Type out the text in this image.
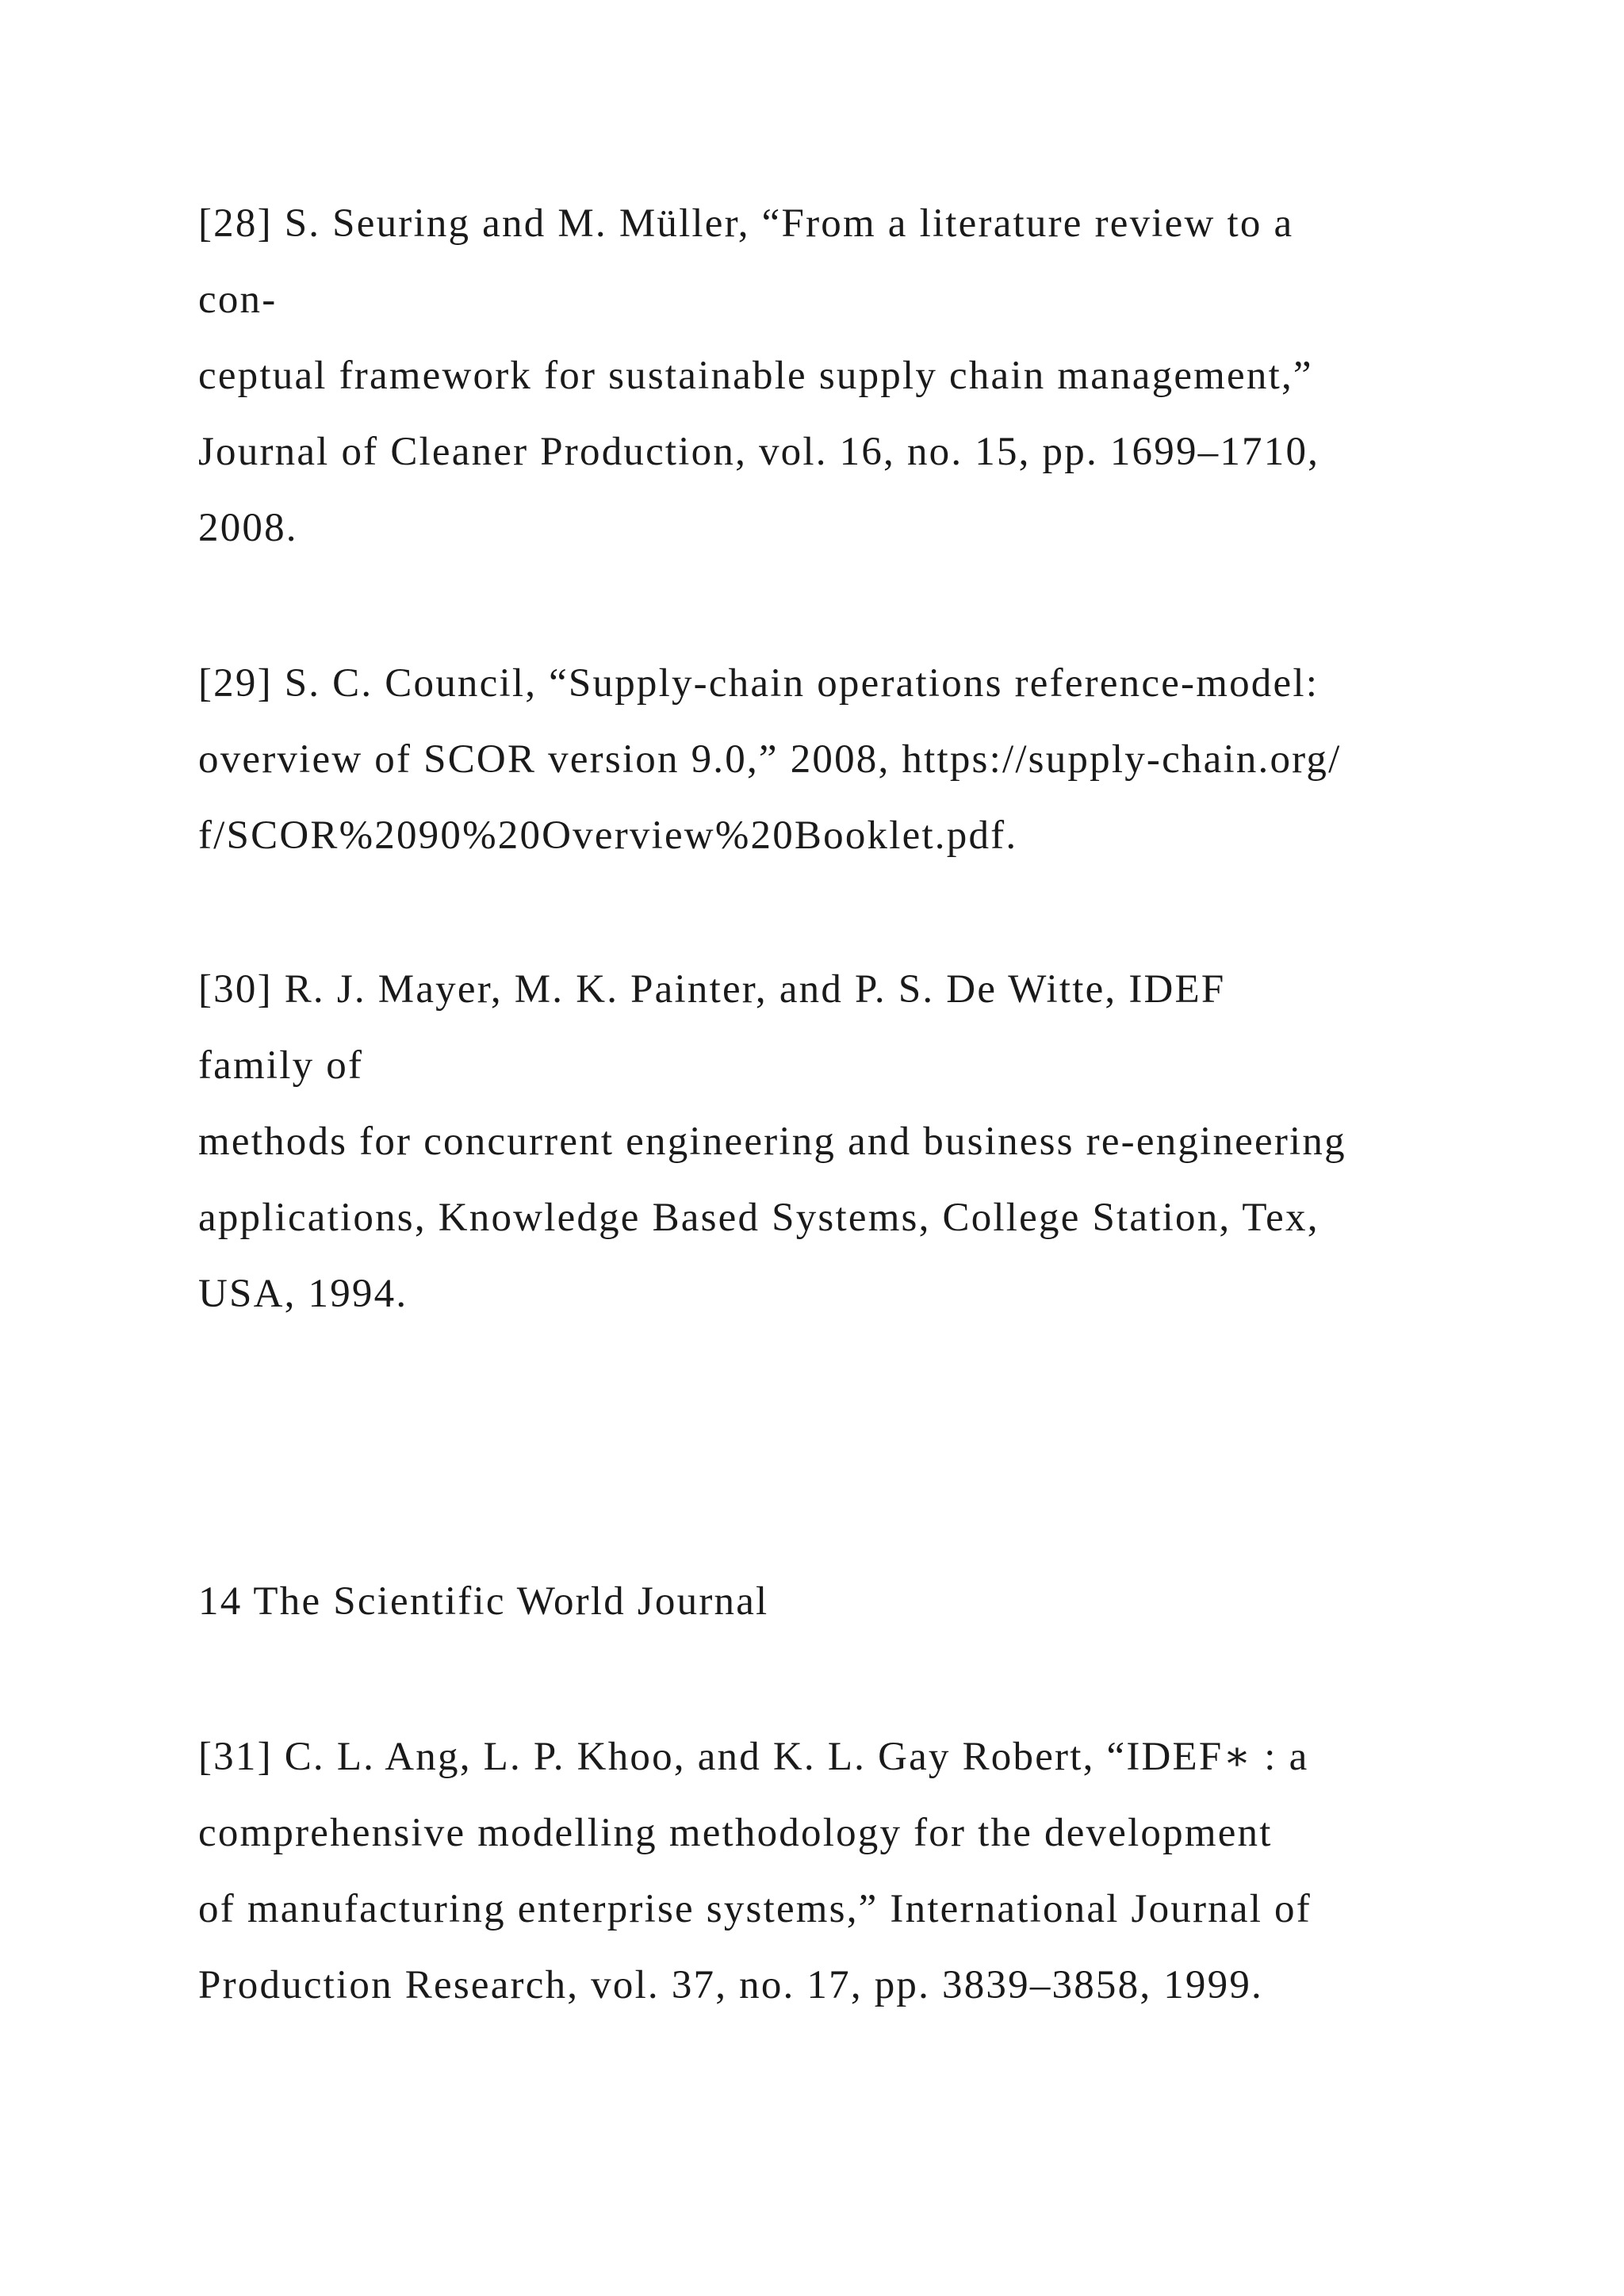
[28] S. Seuring and M. Müller, “From a literature review to a
con-
ceptual framework for sustainable supply chain management,”
Journal of Cleaner Production, vol. 16, no. 15, pp. 1699–1710,
2008.
[29] S. C. Council, “Supply-chain operations reference-model:
overview of SCOR version 9.0,” 2008, https://supply-chain.org/
f/SCOR%2090%20Overview%20Booklet.pdf.
[30] R. J. Mayer, M. K. Painter, and P. S. De Witte, IDEF
family of
methods for concurrent engineering and business re-engineering
applications, Knowledge Based Systems, College Station, Tex,
USA, 1994.
14 The Scientific World Journal
[31] C. L. Ang, L. P. Khoo, and K. L. Gay Robert, “IDEF∗ : a
comprehensive modelling methodology for the development
of manufacturing enterprise systems,” International Journal of
Production Research, vol. 37, no. 17, pp. 3839–3858, 1999.
